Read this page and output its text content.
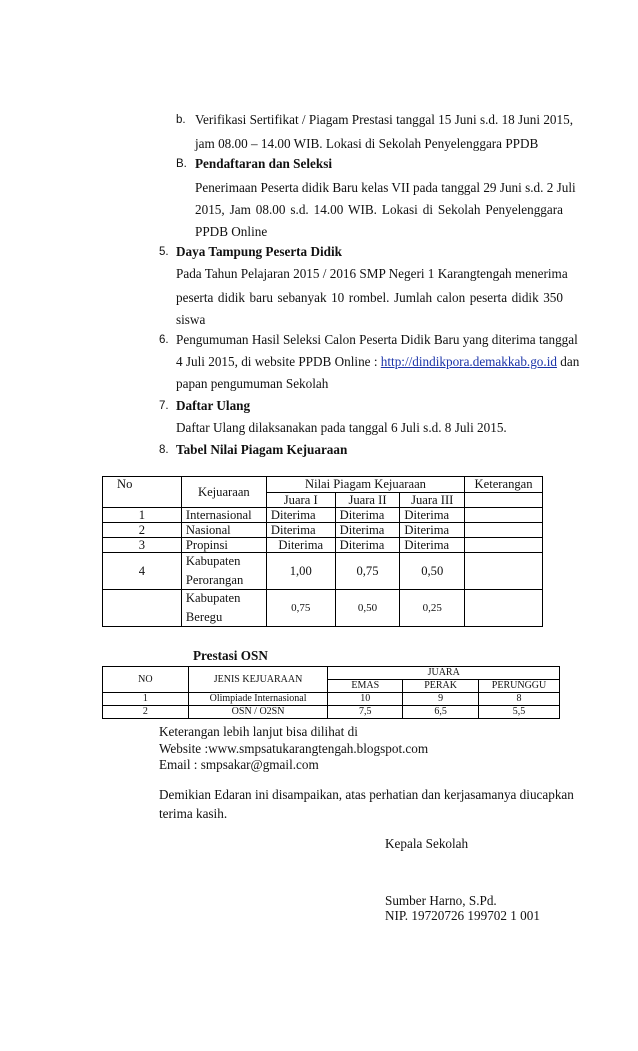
b. Verifikasi Sertifikat / Piagam Prestasi tanggal 15 Juni s.d. 18 Juni 2015,
jam 08.00 – 14.00 WIB. Lokasi di Sekolah Penyelenggara PPDB
B. Pendaftaran dan Seleksi
Penerimaan Peserta didik Baru kelas VII pada tanggal 29 Juni s.d. 2 Juli
2015, Jam 08.00 s.d. 14.00 WIB. Lokasi di Sekolah Penyelenggara
PPDB Online
5. Daya Tampung Peserta Didik
Pada Tahun Pelajaran 2015 / 2016 SMP Negeri 1 Karangtengah menerima
peserta didik baru sebanyak 10 rombel. Jumlah calon peserta didik 350
siswa
6. Pengumuman Hasil Seleksi Calon Peserta Didik Baru yang diterima tanggal
4 Juli 2015, di website PPDB Online : http://dindikpora.demakkab.go.id dan
papan pengumuman Sekolah
7. Daftar Ulang
Daftar Ulang dilaksanakan pada tanggal 6 Juli s.d. 8 Juli 2015.
8. Tabel Nilai Piagam Kejuaraan
No	Kejuaraan	Nilai Piagam Kejuaraan			Keterangan
		Juara I	Juara II	Juara III	
1	Internasional	Diterima	Diterima	Diterima	
2	Nasional	Diterima	Diterima	Diterima	
3	Propinsi	Diterima	Diterima	Diterima	
4	Kabupaten
Perorangan	1,00	0,75	0,50	

	Kabupaten
Beregu	0,75	0,50	0,25	
Prestasi OSN
NO	JENIS KEJUARAAN	JUARA		
		EMAS	PERAK	PERUNGGU
1	Olimpiade Internasional	10	9	8
2	OSN / O2SN	7,5	6,5	5,5
Keterangan lebih lanjut bisa dilihat di
Website :www.smpsatukarangtengah.blogspot.com
Email : smpsakar@gmail.com
Demikian Edaran ini disampaikan, atas perhatian dan kerjasamanya diucapkan
terima kasih.
Kepala Sekolah
Sumber Harno, S.Pd.
NIP. 19720726 199702 1 001
